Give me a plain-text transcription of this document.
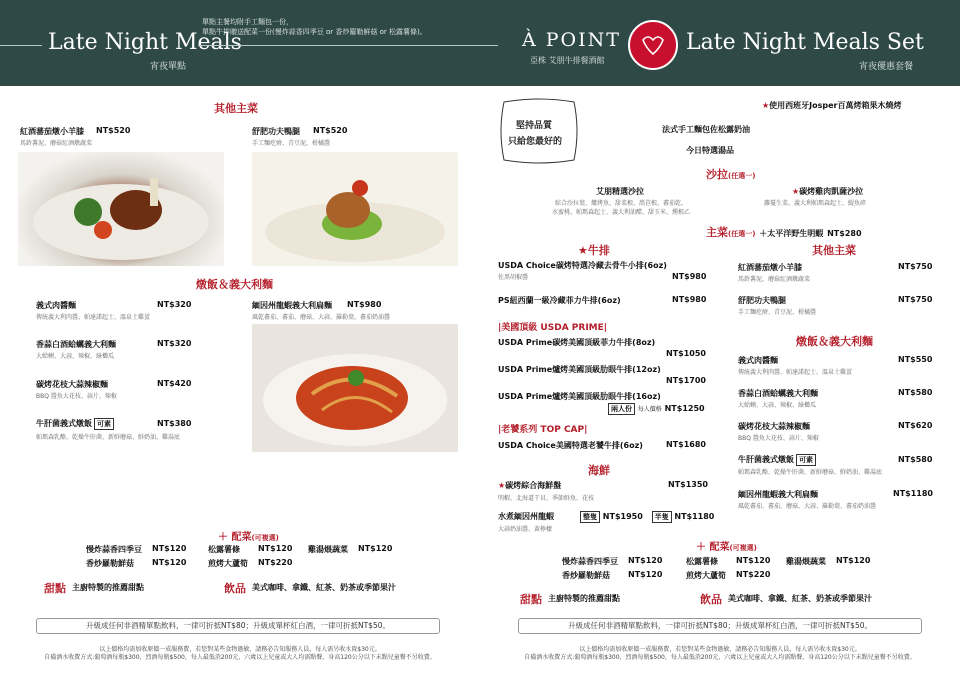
Late Night Meals
宵夜單點
單點主餐均附手工麵包一份，
單點牛排贈送配菜一份(慢炸蒜香四季豆 or 香炒羅勒鮮菇 or 松露薯條)。	À POINT
亞株 艾朋牛排餐酒館
Late Night Meals Set
宵夜優惠套餐
其他主菜
紅酒蕃茄燉小羊膝 NT$520
馬鈴薯泥、蘑菇紅酒燉蔬菜
舒肥功夫鴨腿 NT$520
手工麵疙瘩、青豆泥、柑橘醬
燉飯＆義大利麵
義式肉醬麵	NT$320
傳統義大利肉醬、帕達諾起士、溫泉土雞蛋
香蒜白酒蛤蠣義大利麵	NT$320
大蛤蜊、大蒜、辣椒、綠櫛瓜
碳烤花枝大蒜辣椒麵	NT$420
BBQ 醬魚大花枝、蒜片、辣椒
牛肝菌義式燉飯 可素	NT$380
帕瑪森乳酪、乾燥牛肝菌、新鮮蘑菇、鮮奶油、雞湯底
緬因州龍蝦義大利扁麵 NT$980
風乾蕃茄、蕃茄、蘑菇、大蒜、羅勒葉、蕃茄奶油醬
＋ 配菜(可複選)
慢炸蒜香四季豆 NT$120	松露薯條 NT$120 雞湯煨蔬菜 NT$120
香炒羅勒鮮菇 NT$120	煎烤大蘆筍 NT$220
甜點 主廚特製的推薦甜點	飲品 美式咖啡、拿鐵、紅茶、奶茶或季節果汁
升級成任何非酒精單點飲料，一律可折抵NT$80；升級成單杯紅白酒，一律可折抵NT$50。
以上價格均需加收原價一成服務費，若您對某些食物過敏，請務必告知服務人員，每人需另收水資$30元。
自備酒水收費方式:葡萄酒每瓶$300，烈酒每瓶$500，每人最低消200元，六歲以上兒童或大人均需點餐，身高120公分以下未點兒童餐不另收費。
堅持品質
只給您最好的
★使用西班牙Josper百萬烤箱果木燒烤
法式手工麵包佐松露奶油
今日特選湯品
沙拉(任選一)
艾朋精選沙拉
綜合沙拉葉、爐烤魚、甜菜根、萵苣根、蕃茄乾、
水蜜桃、帕瑪森起士、義大利油醋、甜玉米、燻根乙
★碳烤雞肉凱薩沙拉
蘿蔓生菜、義大利帕瑪森起士、鯷魚碎
主菜(任選一) ＋太平洋野生明蝦 NT$280
★牛排
USDA Choice碳烤特選冷藏去骨牛小排(6oz)
佐黑胡椒醬	NT$980
PS紐西蘭一級冷藏菲力牛排(6oz)	NT$980
|美國頂級 USDA PRIME|
USDA Prime碳烤美國頂級菲力牛排(8oz)
NT$1050
USDA Prime爐烤美國頂級肋眼牛排(12oz)
NT$1700
USDA Prime爐烤美國頂級肋眼牛排(16oz)
兩人份 每人價格 NT$1250
|老饕系列 TOP CAP|
USDA Choice美國特選老饕牛排(6oz)	NT$1680
海鮮
★碳烤綜合海鮮盤	NT$1350
明蝦、北海道干貝、季節鮮魚、花枝
水煮緬因州龍蝦	整隻 NT$1950 半隻 NT$1180
大蒜奶油醬、黃檸檬
其他主菜
紅酒蕃茄燉小羊膝	NT$750
馬鈴薯泥、蘑菇紅酒燉蔬菜
舒肥功夫鴨腿	NT$750
手工麵疙瘩、青豆泥、柑橘醬
燉飯＆義大利麵
義式肉醬麵	NT$550
傳統義大利肉醬、帕達諾起士、溫泉土雞蛋
香蒜白酒蛤蠣義大利麵	NT$580
大蛤蜊、大蒜、辣椒、綠櫛瓜
碳烤花枝大蒜辣椒麵	NT$620
BBQ 醬魚大花枝、蒜片、辣椒
牛肝菌義式燉飯 可素	NT$580
帕瑪森乳酪、乾燥牛肝菌、新鮮蘑菇、鮮奶油、雞湯底
緬因州龍蝦義大利扁麵	NT$1180
風乾蕃茄、蕃茄、蘑菇、大蒜、羅勒葉、蕃茄奶油醬
＋ 配菜(可複選)
慢炸蒜香四季豆 NT$120	松露薯條 NT$120 雞湯煨蔬菜 NT$120
香炒羅勒鮮菇 NT$120	煎烤大蘆筍 NT$220
甜點 主廚特製的推薦甜點	飲品 美式咖啡、拿鐵、紅茶、奶茶或季節果汁
升級成任何非酒精單點飲料，一律可折抵NT$80；升級成單杯紅白酒，一律可折抵NT$50。
以上價格均需加收原價一成服務費，若您對某些食物過敏，請務必告知服務人員，每人需另收水資$30元。
自備酒水收費方式:葡萄酒每瓶$300，烈酒每瓶$500，每人最低消200元，六歲以上兒童或大人均需點餐，身高120公分以下未點兒童餐不另收費。
